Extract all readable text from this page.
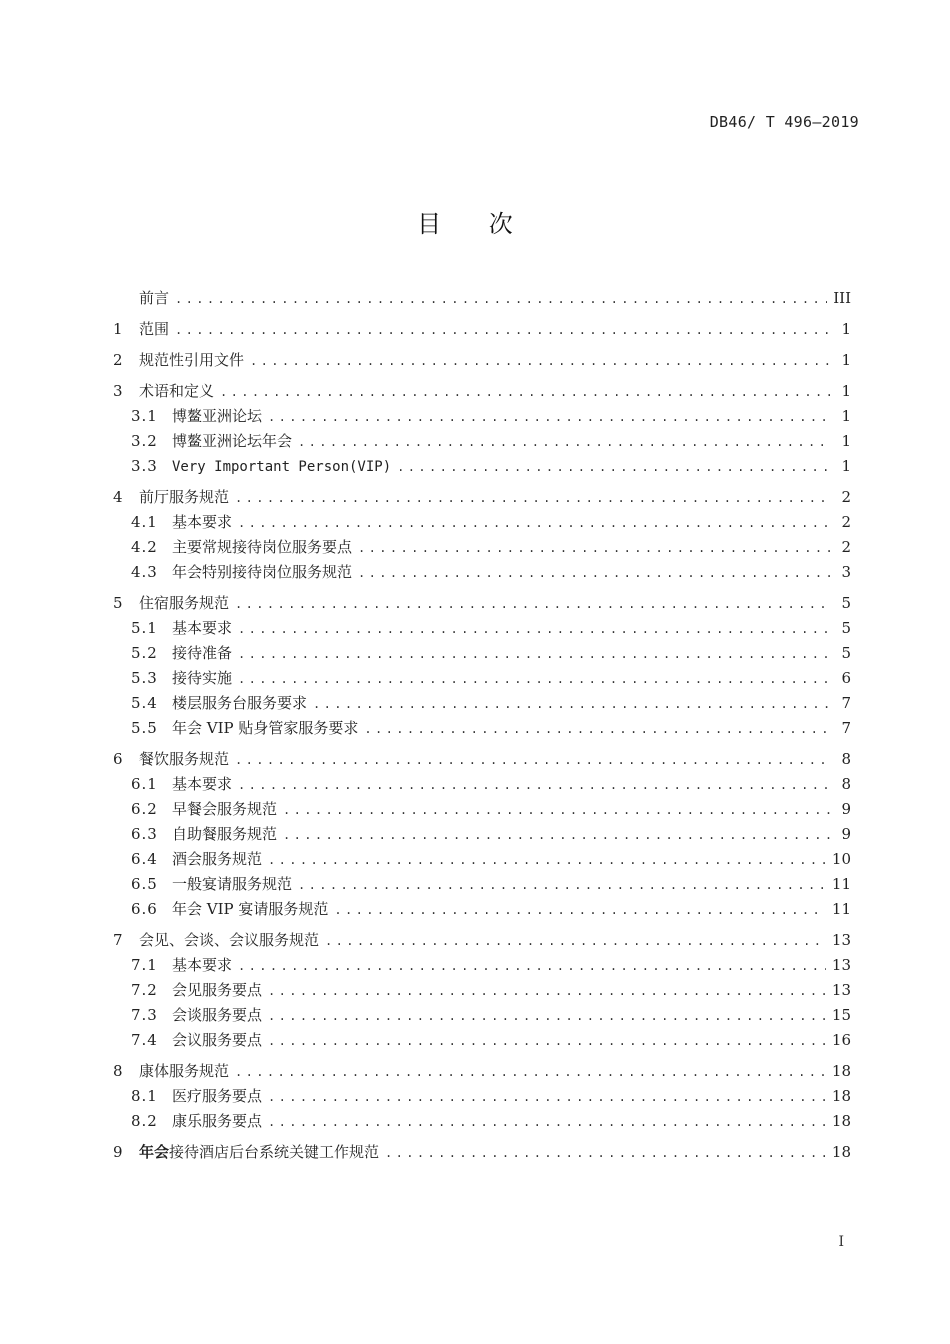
DB46/ T 496—2019
目 次
前言 .....	III
1	范围 .....	1
2	规范性引用文件 .....	1
3	术语和定义 .....	1
3.1 博鳌亚洲论坛 .....	1
3.2 博鳌亚洲论坛年会 .....	1
3.3	Very Important Person(VIP) .....	1
4	前厅服务规范 .....	2
4.1 基本要求 .....	2
4.2 主要常规接待岗位服务要点 .....	2
4.3 年会特别接待岗位服务规范 .....	3
5	住宿服务规范 .....	5
5.1 基本要求 .....	5
5.2 接待准备 .....	5
5.3 接待实施 .....	6
5.4 楼层服务台服务要求 .....	7
5.5 年会 VIP 贴身管家服务要求 .....	7
6	餐饮服务规范 .....	8
6.1 基本要求 .....	8
6.2 早餐会服务规范 .....	9
6.3 自助餐服务规范 .....	9
6.4 酒会服务规范 .....	10
6.5 一般宴请服务规范 .....	11
6.6 年会 VIP 宴请服务规范 .....	11
7	会见、会谈、会议服务规范 .....	13
7.1 基本要求 .....	13
7.2 会见服务要点 .....	13
7.3 会谈服务要点 .....	15
7.4 会议服务要点 .....	16
8	康体服务规范 .....	18
8.1 医疗服务要点 .....	18
8.2 康乐服务要点 .....	18
9	年会接待酒店后台系统关键工作规范 .....	18
I
